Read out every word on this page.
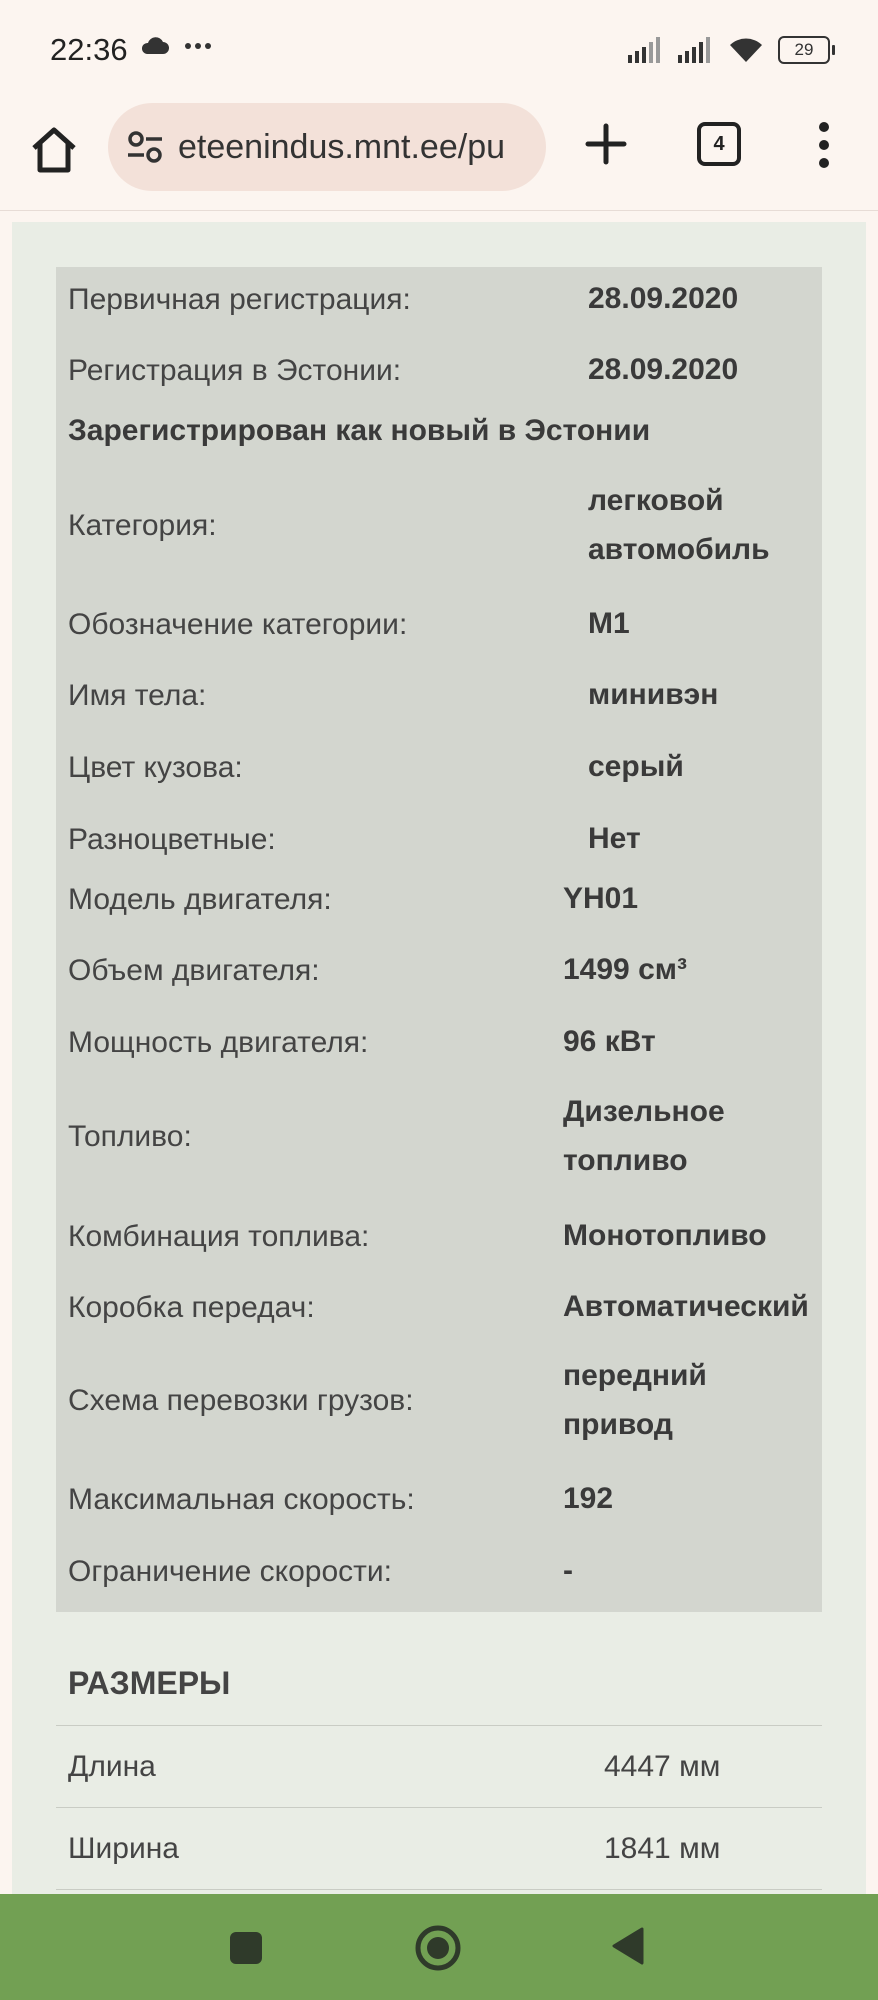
22:36	29
eteenindus.mnt.ee/pu	4
Первичная регистрация:	28.09.2020
Регистрация в Эстонии:	28.09.2020
Зарегистрирован как новый в Эстонии
Категория:
легковой автомобиль
Обозначение категории:	M1
Имя тела:	минивэн
Цвет кузова:	серый
Разноцветные:	Нет
Модель двигателя:	YH01
Объем двигателя:	1499 см³
Мощность двигателя:	96 кВт
Топливо:
Дизельное топливо
Комбинация топлива:	Монотопливо
Коробка передач:	Автоматический
Схема перевозки грузов:
передний привод
Максимальная скорость:	192
Ограничение скорости:	-
РАЗМЕРЫ
Длина	4447 мм
Ширина	1841 мм
